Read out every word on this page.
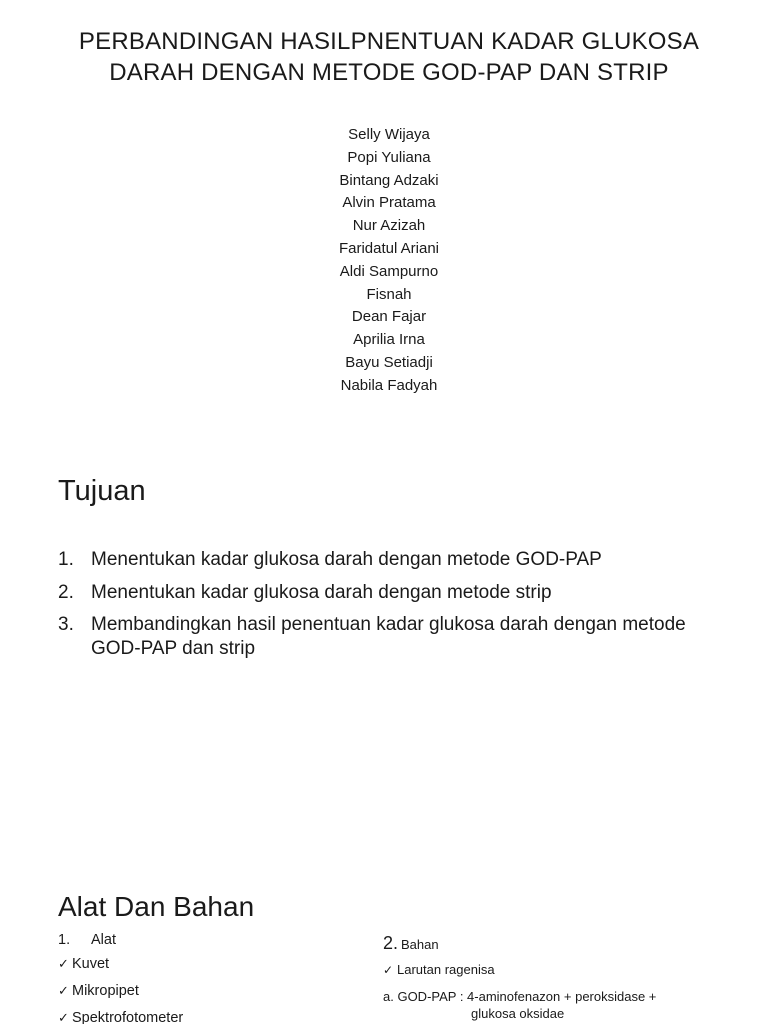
PERBANDINGAN HASILPNENTUAN KADAR GLUKOSA
DARAH DENGAN METODE GOD-PAP DAN STRIP
Selly Wijaya
Popi Yuliana
Bintang Adzaki
Alvin Pratama
Nur Azizah
Faridatul Ariani
Aldi Sampurno
Fisnah
Dean Fajar
Aprilia Irna
Bayu Setiadji
Nabila Fadyah
Tujuan
1. Menentukan kadar glukosa darah dengan metode GOD-PAP
2. Menentukan kadar glukosa darah dengan metode strip
3. Membandingkan hasil penentuan kadar glukosa darah dengan metode GOD-PAP dan strip
Alat Dan Bahan
1. Alat
✓ Kuvet
✓ Mikropipet
✓ Spektrofotometer
2. Bahan
✓ Larutan ragenisa
a. GOD-PAP : 4-aminofenazon + peroksidase +
glukosa oksidae
